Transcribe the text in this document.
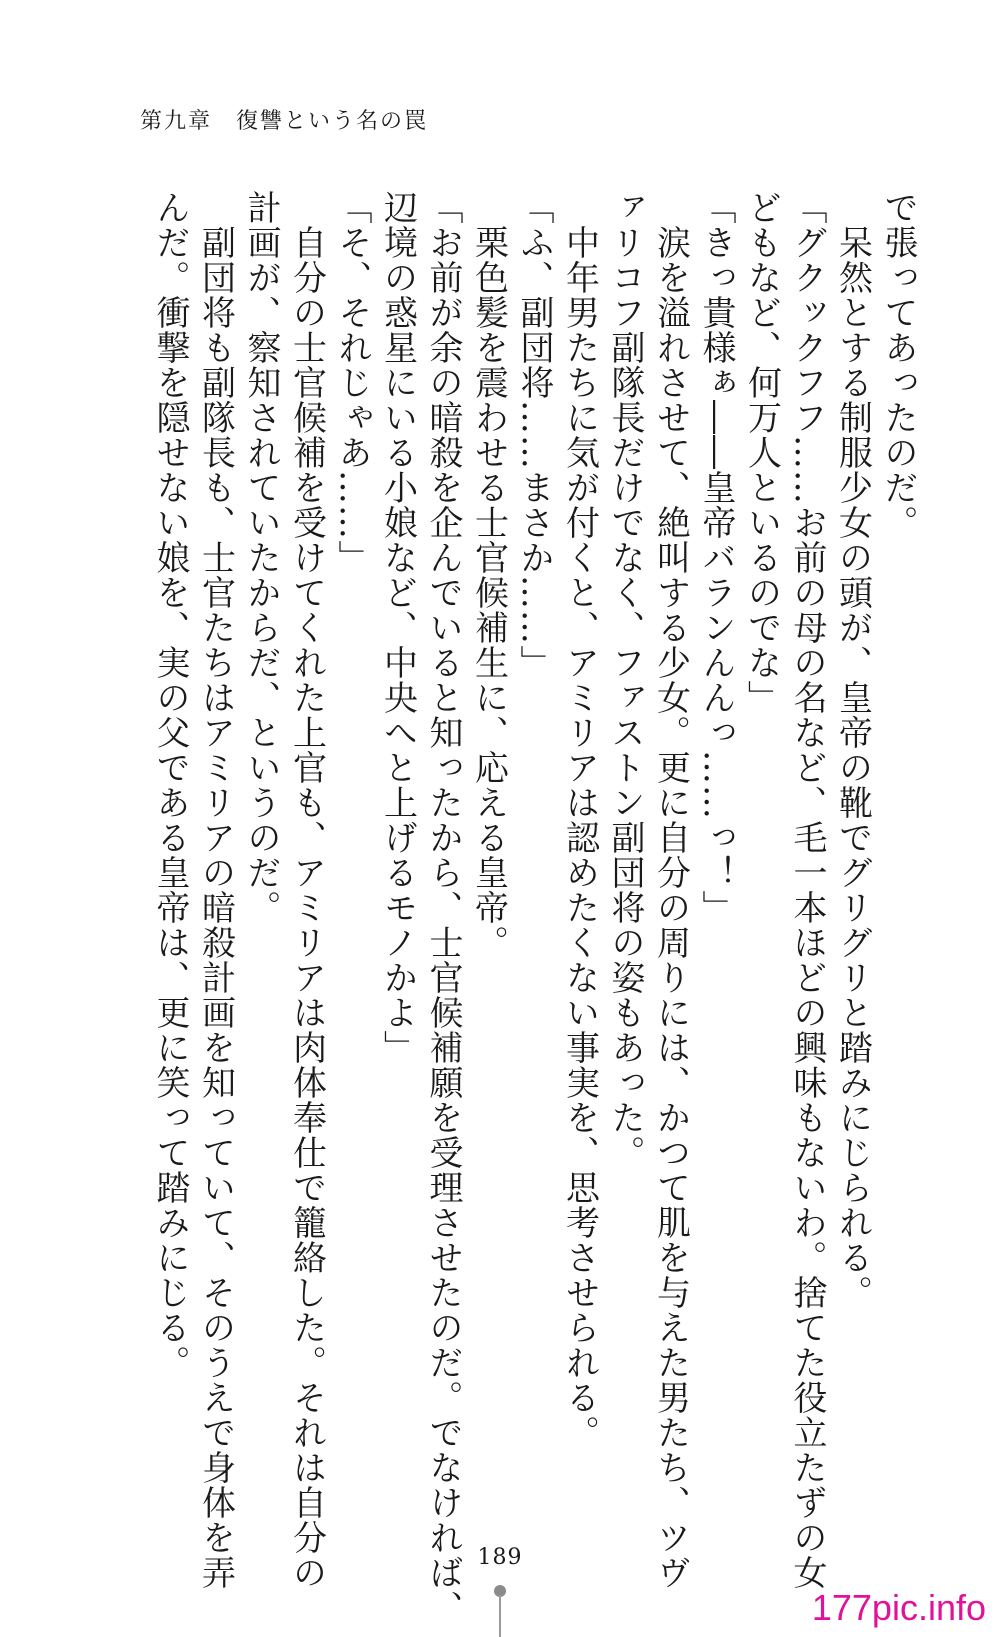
第九章　復讐という名の罠
で張ってあったのだ。
　呆然とする制服少女の頭が、皇帝の靴でグリグリと踏みにじられる。
「グクックフフ……お前の母の名など、毛一本ほどの興味もないわ。捨てた役立たずの女
どもなど、何万人といるのでな」
「きっ貴様ぁ――皇帝バランんんっ……っ！」
　涙を溢れさせて、絶叫する少女。更に自分の周りには、かつて肌を与えた男たち、ツヴ
ァリコフ副隊長だけでなく、ファストン副団将の姿もあった。
　中年男たちに気が付くと、アミリアは認めたくない事実を、思考させられる。
「ふ、副団将……まさか……」
　栗色髪を震わせる士官候補生に、応える皇帝。
「お前が余の暗殺を企んでいると知ったから、士官候補願を受理させたのだ。でなければ、
辺境の惑星にいる小娘など、中央へと上げるモノかよ」
「そ、それじゃあ……」
　自分の士官候補を受けてくれた上官も、アミリアは肉体奉仕で籠絡した。それは自分の
計画が、察知されていたからだ、というのだ。
　副団将も副隊長も、士官たちはアミリアの暗殺計画を知っていて、そのうえで身体を弄
んだ。衝撃を隠せない娘を、実の父である皇帝は、更に笑って踏みにじる。
189
177pic.info
